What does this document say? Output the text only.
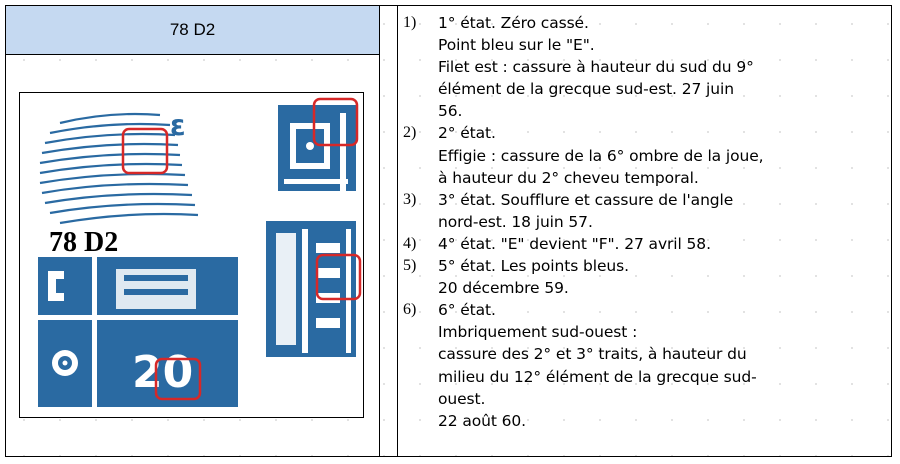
78 D2
ε
20
78 D2
1) 1° état. Zéro cassé.
Point bleu sur le "E".
Filet est : cassure à hauteur du sud du 9°
élément de la grecque sud-est. 27 juin
56.
2) 2° état.
Effigie : cassure de la 6° ombre de la joue,
à hauteur du 2° cheveu temporal.
3) 3° état. Soufflure et cassure de l'angle
nord-est. 18 juin 57.
4) 4° état. "E" devient "F". 27 avril 58.
5) 5° état. Les points bleus.
20 décembre 59.
6) 6° état.
Imbriquement sud-ouest :
cassure des 2° et 3° traits, à hauteur du
milieu du 12° élément de la grecque sud-
ouest.
22 août 60.
